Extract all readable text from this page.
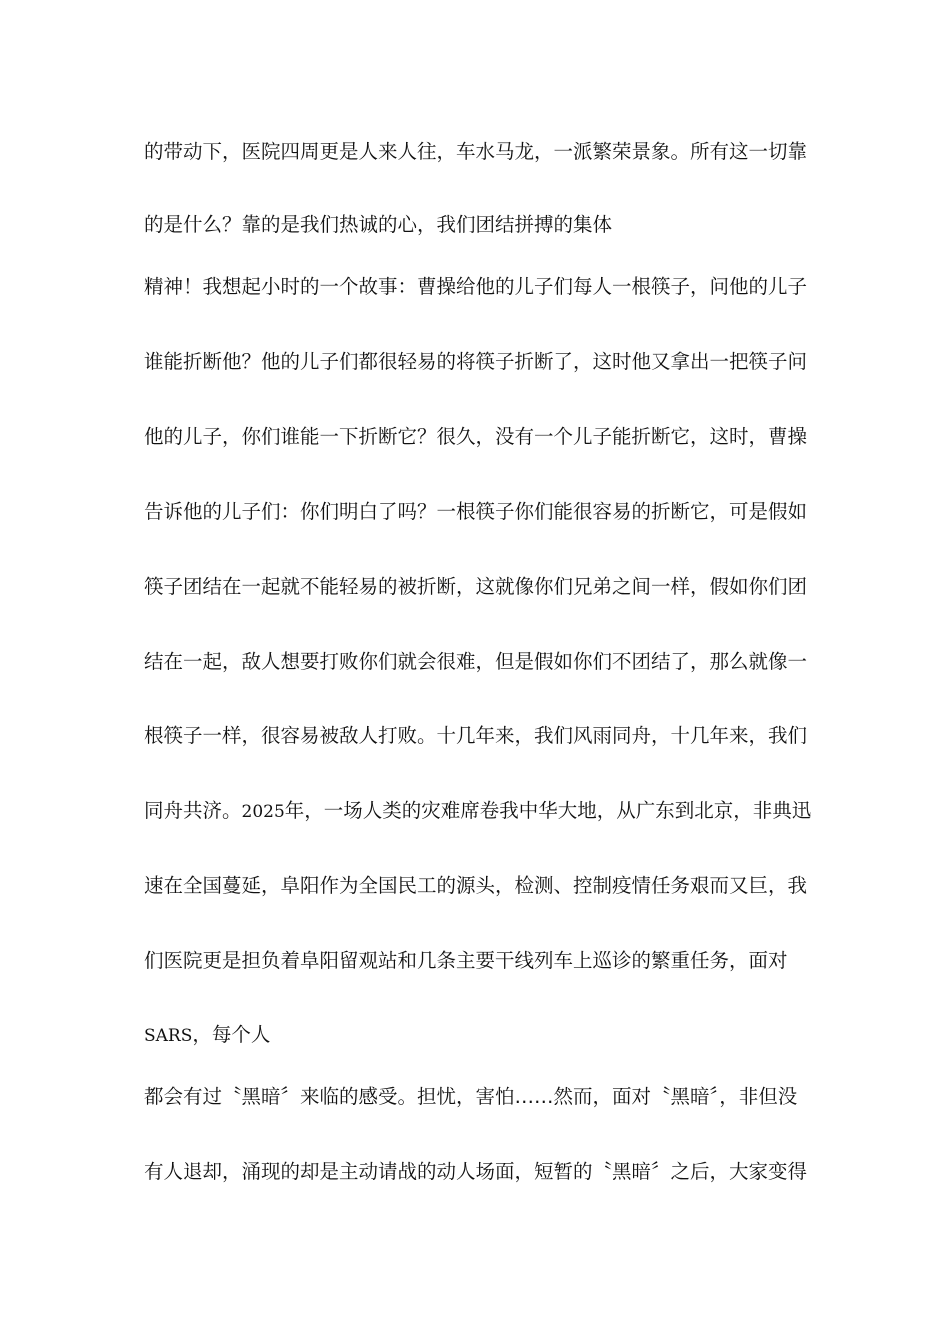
的带动下，医院四周更是人来人往，车水马龙，一派繁荣景象。所有这一切靠
的是什么？靠的是我们热诚的心，我们团结拼搏的集体
精神！我想起小时的一个故事：曹操给他的儿子们每人一根筷子，问他的儿子
谁能折断他？他的儿子们都很轻易的将筷子折断了，这时他又拿出一把筷子问
他的儿子，你们谁能一下折断它？很久，没有一个儿子能折断它，这时，曹操
告诉他的儿子们：你们明白了吗？一根筷子你们能很容易的折断它，可是假如
筷子团结在一起就不能轻易的被折断，这就像你们兄弟之间一样，假如你们团
结在一起，敌人想要打败你们就会很难，但是假如你们不团结了，那么就像一
根筷子一样，很容易被敌人打败。十几年来，我们风雨同舟，十几年来，我们
同舟共济。2025年，一场人类的灾难席卷我中华大地，从广东到北京，非典迅
速在全国蔓延，阜阳作为全国民工的源头，检测、控制疫情任务艰而又巨，我
们医院更是担负着阜阳留观站和几条主要干线列车上巡诊的繁重任务，面对
SARS，每个人
都会有过〝黑暗〞来临的感受。担忧，害怕……然而，面对〝黑暗〞，非但没
有人退却，涌现的却是主动请战的动人场面，短暂的〝黑暗〞之后，大家变得
